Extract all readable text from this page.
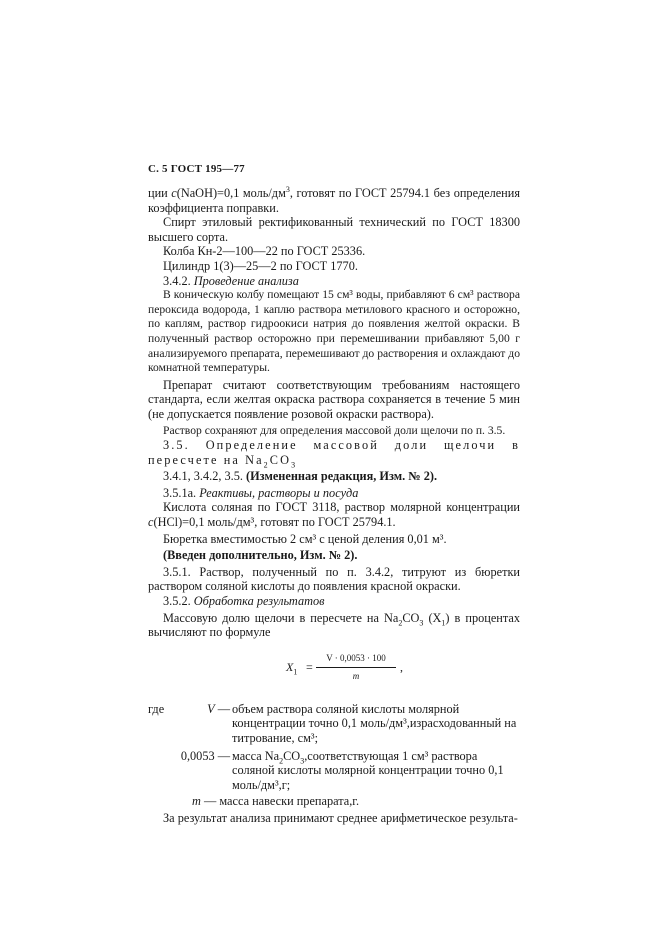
С. 5 ГОСТ 195—77

ции c(NaOH)=0,1 моль/$дм^3$, готовят по ГОСТ 25794.1 без определения коэффициента поправки.

Спирт этиловый ректификованный технический по ГОСТ 18300 высшего сорта.

Колба Кн-2—100—22 по ГОСТ 25336.

Цилиндр 1(3)—25—2 по ГОСТ 1770.

3.4.2. Проведение анализа

В коническую колбу помещают 15 см³ воды, прибавляют 6 см³ раствора пероксида водорода, 1 каплю раствора метилового красного и осторожно, по каплям, раствор гидроокиси натрия до появления желтой окраски. В полученный раствор осторожно при перемешивании прибавляют 5,00 г анализируемого препарата, перемешивают до растворения и охлаждают до комнатной температуры.

Препарат считают соответствующим требованиям настоящего стандарта, если желтая окраска раствора сохраняется в течение 5 мин (не допускается появление розовой окраски раствора).

Раствор сохраняют для определения массовой доли щелочи по п. 3.5.

3.5. Определение массовой доли щелочи в пересчете на $Na_2CO_3$

3.4.1, 3.4.2, 3.5. (Измененная редакция, Изм. № 2).

3.5.1а. Реактивы, растворы и посуда

Кислота соляная по ГОСТ 3118, раствор молярной концентрации c(HCl)=0,1 моль/дм³, готовят по ГОСТ 25794.1.

Бюретка вместимостью 2 см³ с ценой деления 0,01 м³.

(Введен дополнительно, Изм. № 2).

3.5.1. Раствор, полученный по п. 3.4.2, титруют из бюретки раствором соляной кислоты до появления красной окраски.

3.5.2. Обработка результатов

Массовую долю щелочи в пересчете на $Na_2CO_3$ $(X_1)$ в процентах вычисляют по формуле

$X_1 = \frac{V \cdot 0,0053 \cdot 100}{m}$ ,
где	V — объем раствора соляной кислоты молярной концентрации точно 0,1 моль/дм³,израсходованный на титрование, см³;
0,0053 — масса $Na_2CO_3,соответствующая$ 1 см³ раствора соляной кислоты молярной концентрации точно 0,1 моль/дм³,г;
m — масса навески препарата,г.

За результат анализа принимают среднее арифметическое результа-
